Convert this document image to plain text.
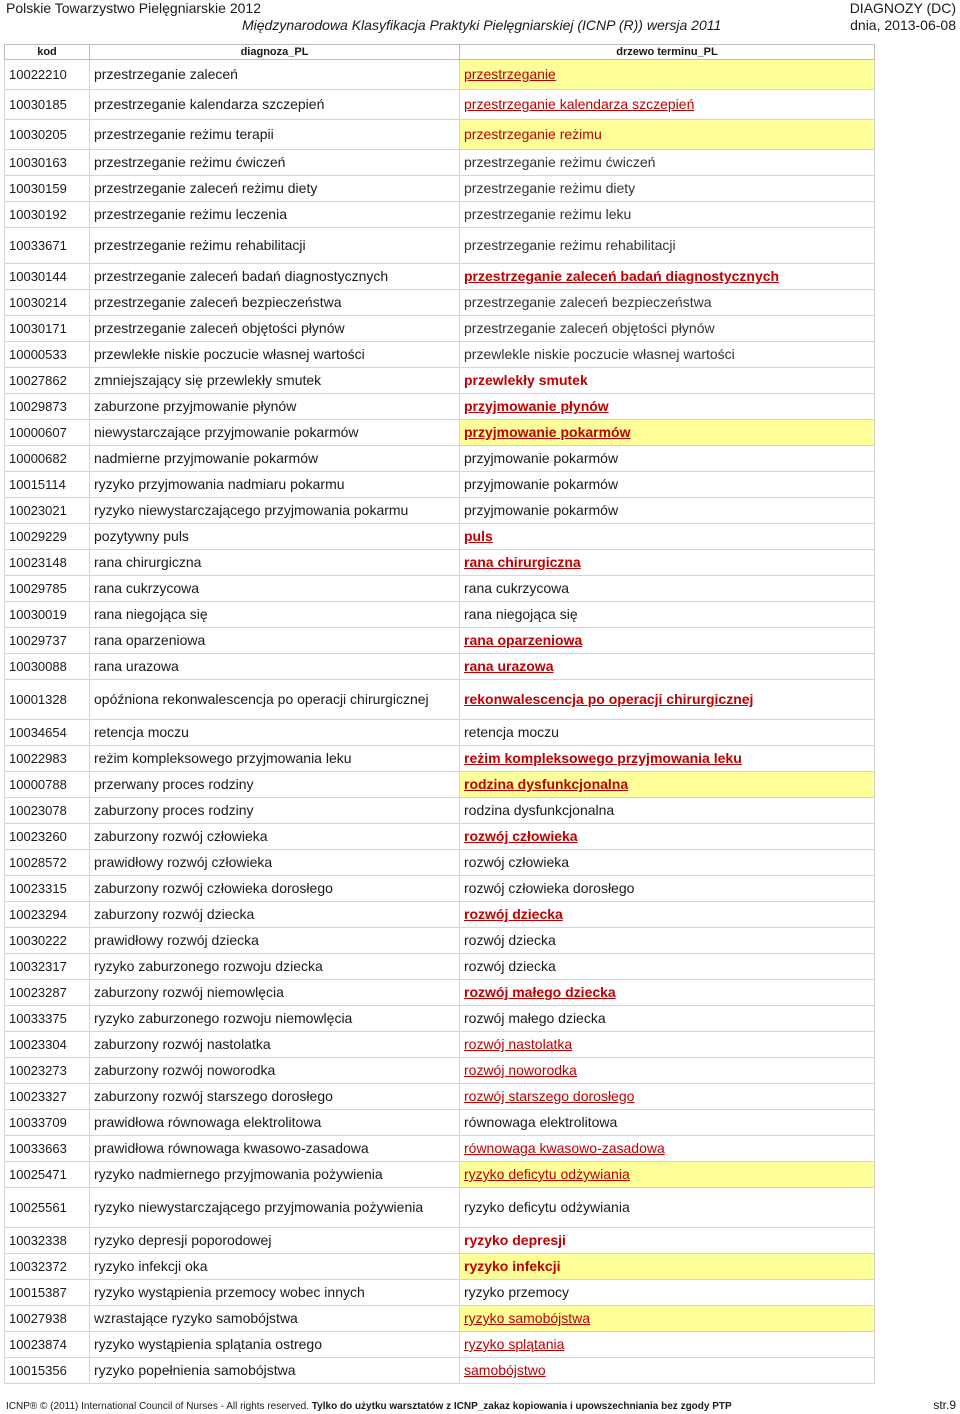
Polskie Towarzystwo Pielęgniarskie 2012
Międzynarodowa Klasyfikacja Praktyki Pielęgniarskiej (ICNP (R)) wersja 2011
DIAGNOZY (DC)
dnia, 2013-06-08
kod	diagnoza_PL	drzewo terminu_PL
10022210	przestrzeganie zaleceń	przestrzeganie
10030185	przestrzeganie kalendarza szczepień	przestrzeganie kalendarza szczepień
10030205	przestrzeganie reżimu terapii	przestrzeganie reżimu
10030163	przestrzeganie reżimu ćwiczeń	przestrzeganie reżimu ćwiczeń
10030159	przestrzeganie zaleceń reżimu diety	przestrzeganie reżimu diety
10030192	przestrzeganie reżimu leczenia	przestrzeganie reżimu leku
10033671	przestrzeganie reżimu rehabilitacji	przestrzeganie reżimu rehabilitacji
10030144	przestrzeganie zaleceń badań diagnostycznych	przestrzeganie zaleceń badań diagnostycznych
10030214	przestrzeganie zaleceń bezpieczeństwa	przestrzeganie zaleceń bezpieczeństwa
10030171	przestrzeganie zaleceń objętości płynów	przestrzeganie zaleceń objętości płynów
10000533	przewlekłe niskie poczucie własnej wartości	przewlekle niskie poczucie własnej wartości
10027862	zmniejszający się przewlekły smutek	przewlekły smutek
10029873	zaburzone przyjmowanie płynów	przyjmowanie płynów
10000607	niewystarczające przyjmowanie pokarmów	przyjmowanie pokarmów
10000682	nadmierne przyjmowanie pokarmów	przyjmowanie pokarmów
10015114	ryzyko przyjmowania nadmiaru pokarmu	przyjmowanie pokarmów
10023021	ryzyko niewystarczającego przyjmowania pokarmu	przyjmowanie pokarmów
10029229	pozytywny puls	puls
10023148	rana chirurgiczna	rana chirurgiczna
10029785	rana cukrzycowa	rana cukrzycowa
10030019	rana niegojąca się	rana niegojąca się
10029737	rana oparzeniowa	rana oparzeniowa
10030088	rana urazowa	rana urazowa
10001328	opóźniona rekonwalescencja po operacji chirurgicznej	rekonwalescencja po operacji chirurgicznej
10034654	retencja moczu	retencja moczu
10022983	reżim kompleksowego przyjmowania leku	reżim kompleksowego przyjmowania leku
10000788	przerwany proces rodziny	rodzina dysfunkcjonalna
10023078	zaburzony proces rodziny	rodzina dysfunkcjonalna
10023260	zaburzony rozwój człowieka	rozwój człowieka
10028572	prawidłowy rozwój człowieka	rozwój człowieka
10023315	zaburzony rozwój człowieka dorosłego	rozwój człowieka dorosłego
10023294	zaburzony rozwój dziecka	rozwój dziecka
10030222	prawidłowy rozwój dziecka	rozwój dziecka
10032317	ryzyko zaburzonego rozwoju dziecka	rozwój dziecka
10023287	zaburzony rozwój niemowlęcia	rozwój małego dziecka
10033375	ryzyko zaburzonego rozwoju niemowlęcia	rozwój małego dziecka
10023304	zaburzony rozwój nastolatka	rozwój nastolatka
10023273	zaburzony rozwój noworodka	rozwój noworodka
10023327	zaburzony rozwój starszego dorosłego	rozwój starszego dorosłego
10033709	prawidłowa równowaga elektrolitowa	równowaga elektrolitowa
10033663	prawidłowa równowaga kwasowo-zasadowa	równowaga kwasowo-zasadowa
10025471	ryzyko nadmiernego przyjmowania pożywienia	ryzyko deficytu odżywiania
10025561	ryzyko niewystarczającego przyjmowania pożywienia	ryzyko deficytu odżywiania
10032338	ryzyko depresji poporodowej	ryzyko depresji
10032372	ryzyko infekcji oka	ryzyko infekcji
10015387	ryzyko wystąpienia przemocy wobec innych	ryzyko przemocy
10027938	wzrastające ryzyko samobójstwa	ryzyko samobójstwa
10023874	ryzyko wystąpienia splątania ostrego	ryzyko splątania
10015356	ryzyko popełnienia samobójstwa	samobójstwo
ICNP® © (2011) International Council of Nurses - All rights reserved. Tylko do użytku warsztatów z ICNP_zakaz kopiowania i upowszechniania bez zgody PTP	str.9
